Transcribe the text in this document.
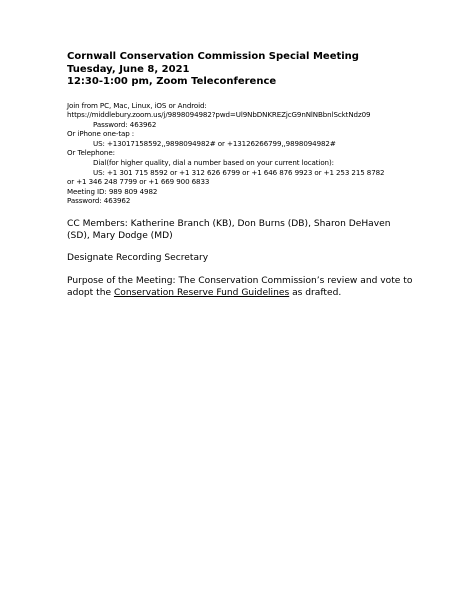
Cornwall Conservation Commission Special Meeting

Tuesday, June 8, 2021

12:30-1:00 pm, Zoom Teleconference

Join from PC, Mac, Linux, iOS or Android:
https://middlebury.zoom.us/j/9898094982?pwd=Ul9NbDNKREZjcG9nNlNBbnlScktNdz09
Password: 463962
Or iPhone one-tap :
US: +13017158592,,9898094982# or +13126266799,,9898094982#
Or Telephone:
Dial(for higher quality, dial a number based on your current location):
US: +1 301 715 8592 or +1 312 626 6799 or +1 646 876 9923 or +1 253 215 8782
or +1 346 248 7799 or +1 669 900 6833
Meeting ID: 989 809 4982
Password: 463962
CC Members: Katherine Branch (KB), Don Burns (DB), Sharon DeHaven (SD), Mary Dodge (MD)
Designate Recording Secretary
Purpose of the Meeting: The Conservation Commission’s review and vote to adopt the Conservation Reserve Fund Guidelines as drafted.
